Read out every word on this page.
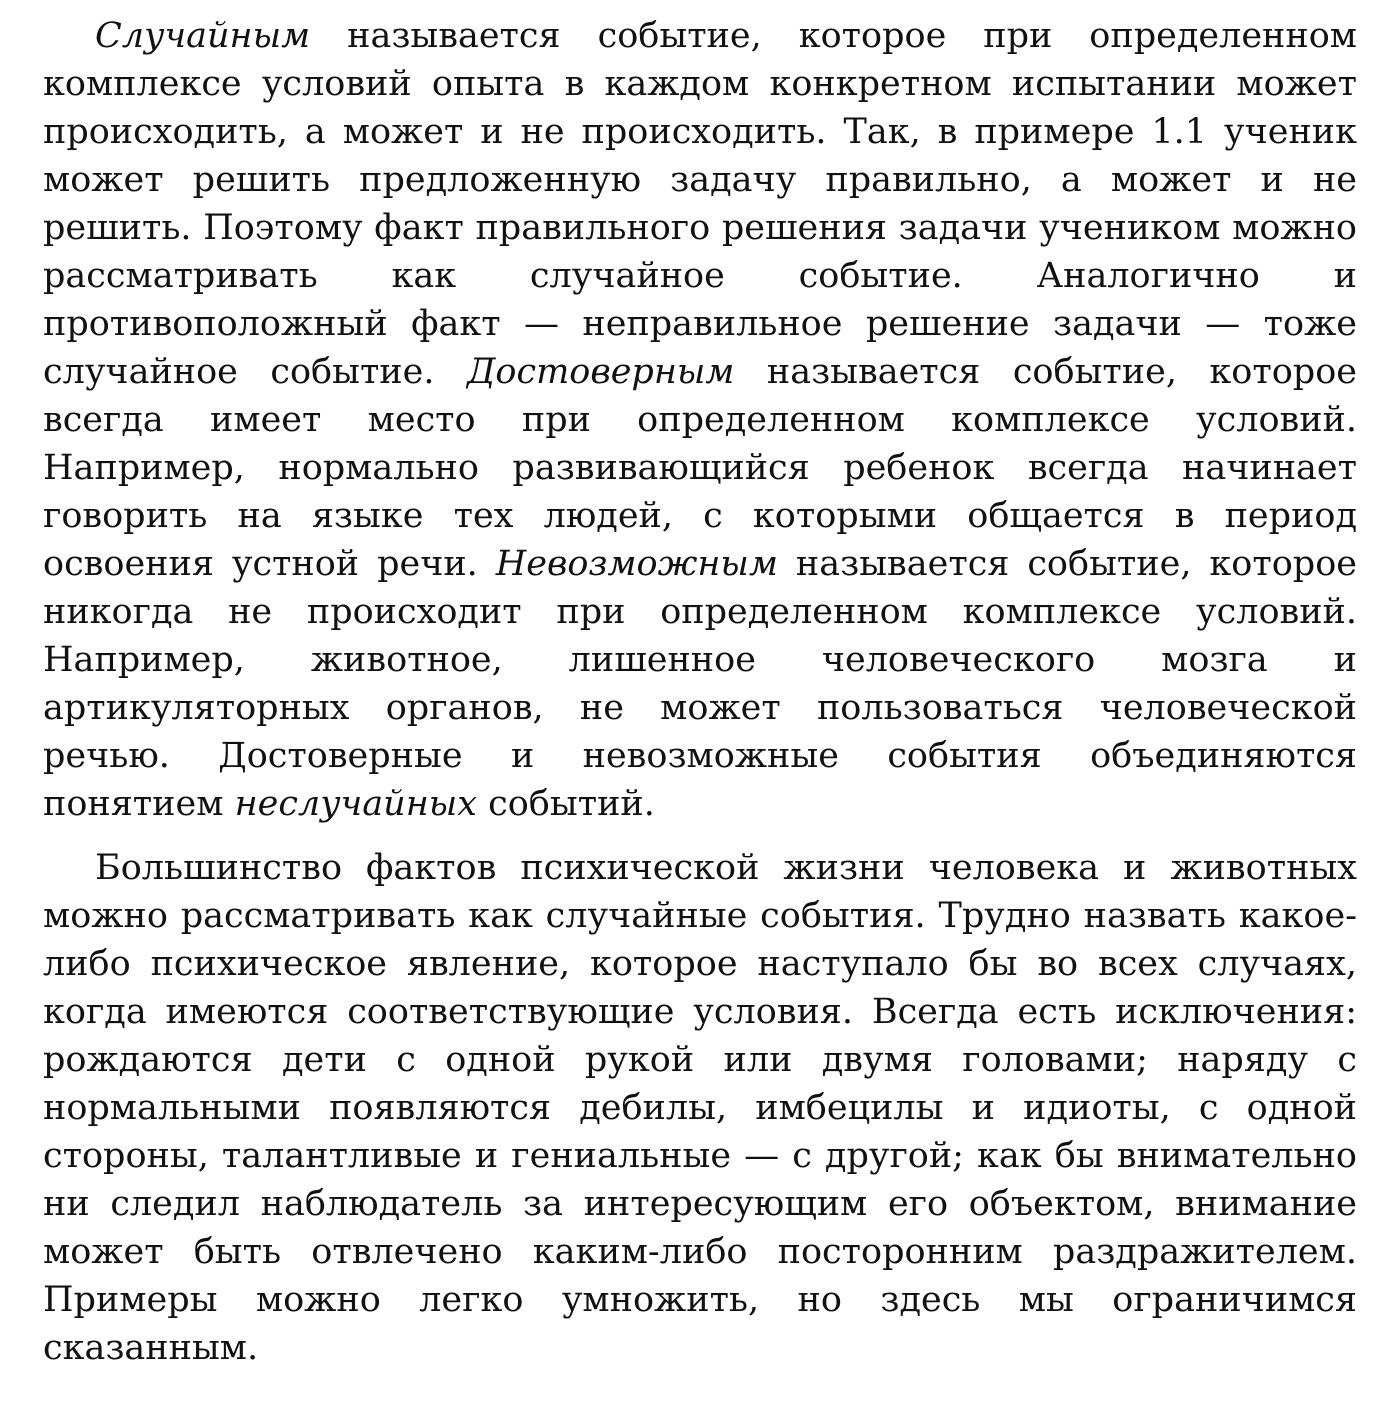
Случайным называется событие, которое при определенном комплексе условий опыта в каждом конкретном испытании может происходить, а может и не происходить. Так, в примере 1.1 ученик может решить предложенную задачу правильно, а может и не решить. Поэтому факт правильного решения задачи учеником можно рассматривать как случайное событие. Аналогично и противоположный факт — неправильное решение задачи — тоже случайное событие. Достоверным называется событие, которое всегда имеет место при определенном комплексе условий. Например, нормально развивающийся ребенок всегда начинает говорить на языке тех людей, с которыми общается в период освоения устной речи. Невозможным называется событие, которое никогда не происходит при определенном комплексе условий. Например, животное, лишенное человеческого мозга и артикуляторных органов, не может пользоваться человеческой речью. Достоверные и невозможные события объединяются понятием неслучайных событий.

Большинство фактов психической жизни человека и животных можно рассматривать как случайные события. Трудно назвать какое-либо психическое явление, которое наступало бы во всех случаях, когда имеются соответствующие условия. Всегда есть исключения: рождаются дети с одной рукой или двумя головами; наряду с нормальными появляются дебилы, имбецилы и идиоты, с одной стороны, талантливые и гениальные — с другой; как бы внимательно ни следил наблюдатель за интересующим его объектом, внимание может быть отвлечено каким-либо посторонним раздражителем. Примеры можно легко умножить, но здесь мы ограничимся сказанным.
